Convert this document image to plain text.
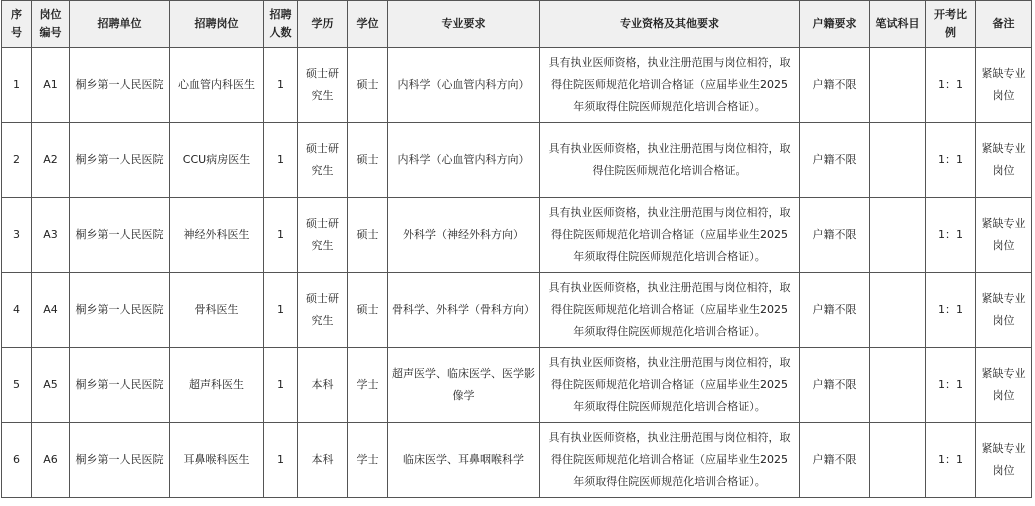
序号	岗位编号	招聘单位	招聘岗位	招聘人数	学历	学位	专业要求	专业资格及其他要求	户籍要求	笔试科目	开考比例	备注
1	A1	桐乡第一人民医院	心血管内科医生	1	硕士研究生	硕士	内科学（心血管内科方向）	具有执业医师资格，执业注册范围与岗位相符，取得住院医师规范化培训合格证（应届毕业生2025年须取得住院医师规范化培训合格证）。	户籍不限		1：1	紧缺专业岗位
2	A2	桐乡第一人民医院	CCU病房医生	1	硕士研究生	硕士	内科学（心血管内科方向）	具有执业医师资格，执业注册范围与岗位相符，取得住院医师规范化培训合格证。	户籍不限		1：1	紧缺专业岗位
3	A3	桐乡第一人民医院	神经外科医生	1	硕士研究生	硕士	外科学（神经外科方向）	具有执业医师资格，执业注册范围与岗位相符，取得住院医师规范化培训合格证（应届毕业生2025年须取得住院医师规范化培训合格证）。	户籍不限		1：1	紧缺专业岗位
4	A4	桐乡第一人民医院	骨科医生	1	硕士研究生	硕士	骨科学、外科学（骨科方向）	具有执业医师资格，执业注册范围与岗位相符，取得住院医师规范化培训合格证（应届毕业生2025年须取得住院医师规范化培训合格证）。	户籍不限		1：1	紧缺专业岗位
5	A5	桐乡第一人民医院	超声科医生	1	本科	学士	超声医学、临床医学、医学影像学	具有执业医师资格，执业注册范围与岗位相符，取得住院医师规范化培训合格证（应届毕业生2025年须取得住院医师规范化培训合格证）。	户籍不限		1：1	紧缺专业岗位
6	A6	桐乡第一人民医院	耳鼻喉科医生	1	本科	学士	临床医学、耳鼻咽喉科学	具有执业医师资格，执业注册范围与岗位相符，取得住院医师规范化培训合格证（应届毕业生2025年须取得住院医师规范化培训合格证）。	户籍不限		1：1	紧缺专业岗位
